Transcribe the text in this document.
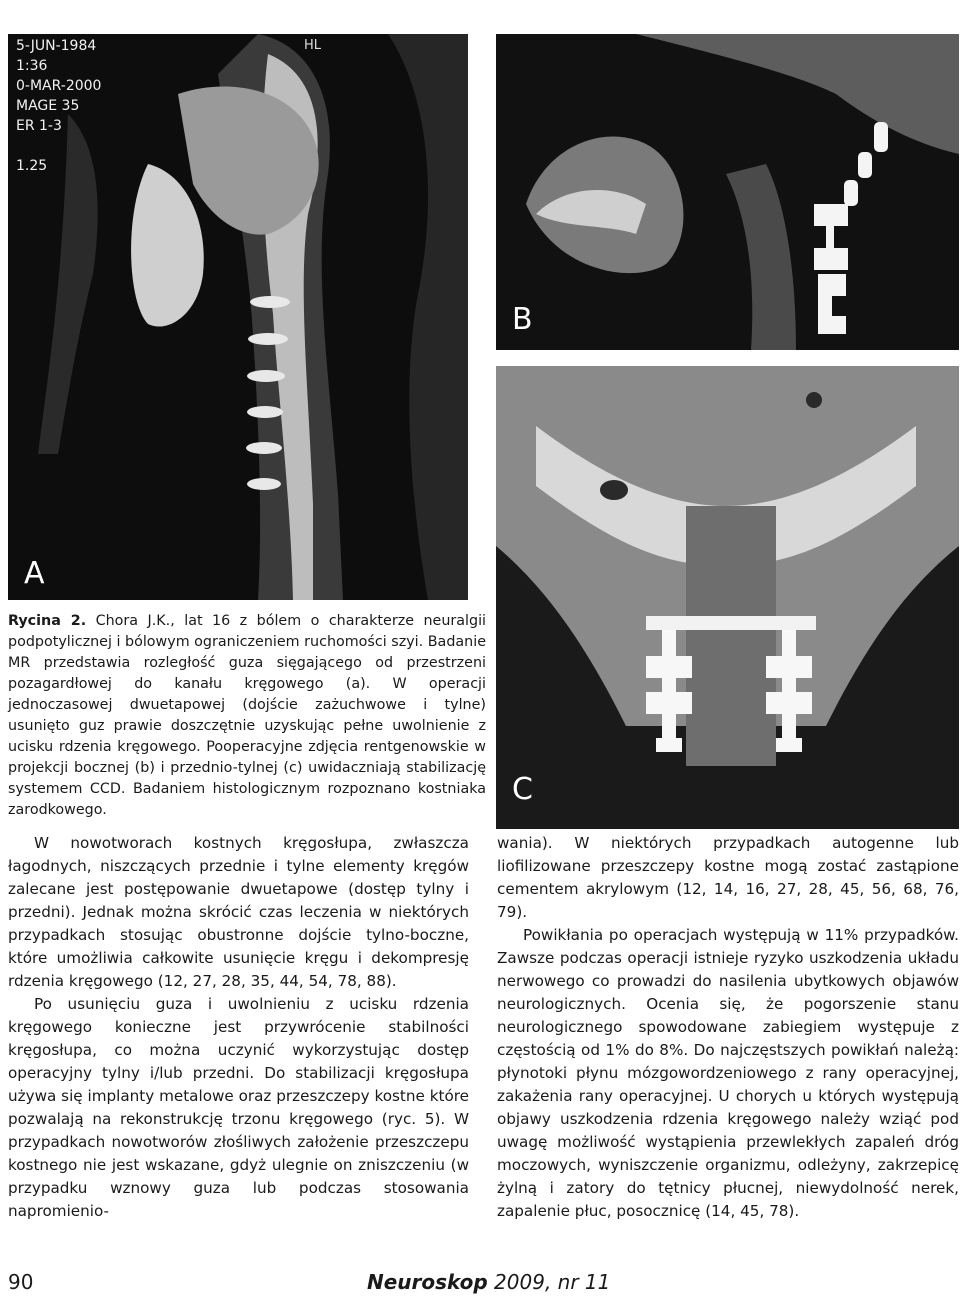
5-JUN-1984
1:36
0-MAR-2000
MAGE 35
ER 1-3

1.25
HL
A
B
C
Rycina 2. Chora J.K., lat 16 z bólem o charakterze neuralgii podpotylicznej i bólowym ograniczeniem ruchomości szyi. Badanie MR przedstawia rozległość guza sięgającego od przestrzeni pozagardłowej do kanału kręgowego (a). W operacji jednoczasowej dwuetapowej (dojście zażuchwowe i tylne) usunięto guz prawie doszczętnie uzyskując pełne uwolnienie z ucisku rdzenia kręgowego. Pooperacyjne zdjęcia rentgenowskie w projekcji bocznej (b) i przednio-tylnej (c) uwidaczniają stabilizację systemem CCD. Badaniem histologicznym rozpoznano kostniaka zarodkowego.

W nowotworach kostnych kręgosłupa, zwłaszcza łagodnych, niszczących przednie i tylne elementy kręgów zalecane jest postępowanie dwuetapowe (dostęp tylny i przedni). Jednak można skrócić czas leczenia w niektórych przypadkach stosując obustronne dojście tylno-boczne, które umożliwia całkowite usunięcie kręgu i dekompresję rdzenia kręgowego (12, 27, 28, 35, 44, 54, 78, 88).

Po usunięciu guza i uwolnieniu z ucisku rdzenia kręgowego konieczne jest przywrócenie stabilności kręgosłupa, co można uczynić wykorzystując dostęp operacyjny tylny i/lub przedni. Do stabilizacji kręgosłupa używa się implanty metalowe oraz przeszczepy kostne które pozwalają na rekonstrukcję trzonu kręgowego (ryc. 5). W przypadkach nowotworów złośliwych założenie przeszczepu kostnego nie jest wskazane, gdyż ulegnie on zniszczeniu (w przypadku wznowy guza lub podczas stosowania napromienio-

wania). W niektórych przypadkach autogenne lub liofilizowane przeszczepy kostne mogą zostać zastąpione cementem akrylowym (12, 14, 16, 27, 28, 45, 56, 68, 76, 79).

Powikłania po operacjach występują w 11% przypadków. Zawsze podczas operacji istnieje ryzyko uszkodzenia układu nerwowego co prowadzi do nasilenia ubytkowych objawów neurologicznych. Ocenia się, że pogorszenie stanu neurologicznego spowodowane zabiegiem występuje z częstością od 1% do 8%. Do najczęstszych powikłań należą: płynotoki płynu mózgowordzeniowego z rany operacyjnej, zakażenia rany operacyjnej. U chorych u których występują objawy uszkodzenia rdzenia kręgowego należy wziąć pod uwagę możliwość wystąpienia przewlekłych zapaleń dróg moczowych, wyniszczenie organizmu, odleżyny, zakrzepicę żylną i zatory do tętnicy płucnej, niewydolność nerek, zapalenie płuc, posocznicę (14, 45, 78).

90	Neuroskop 2009, nr 11
